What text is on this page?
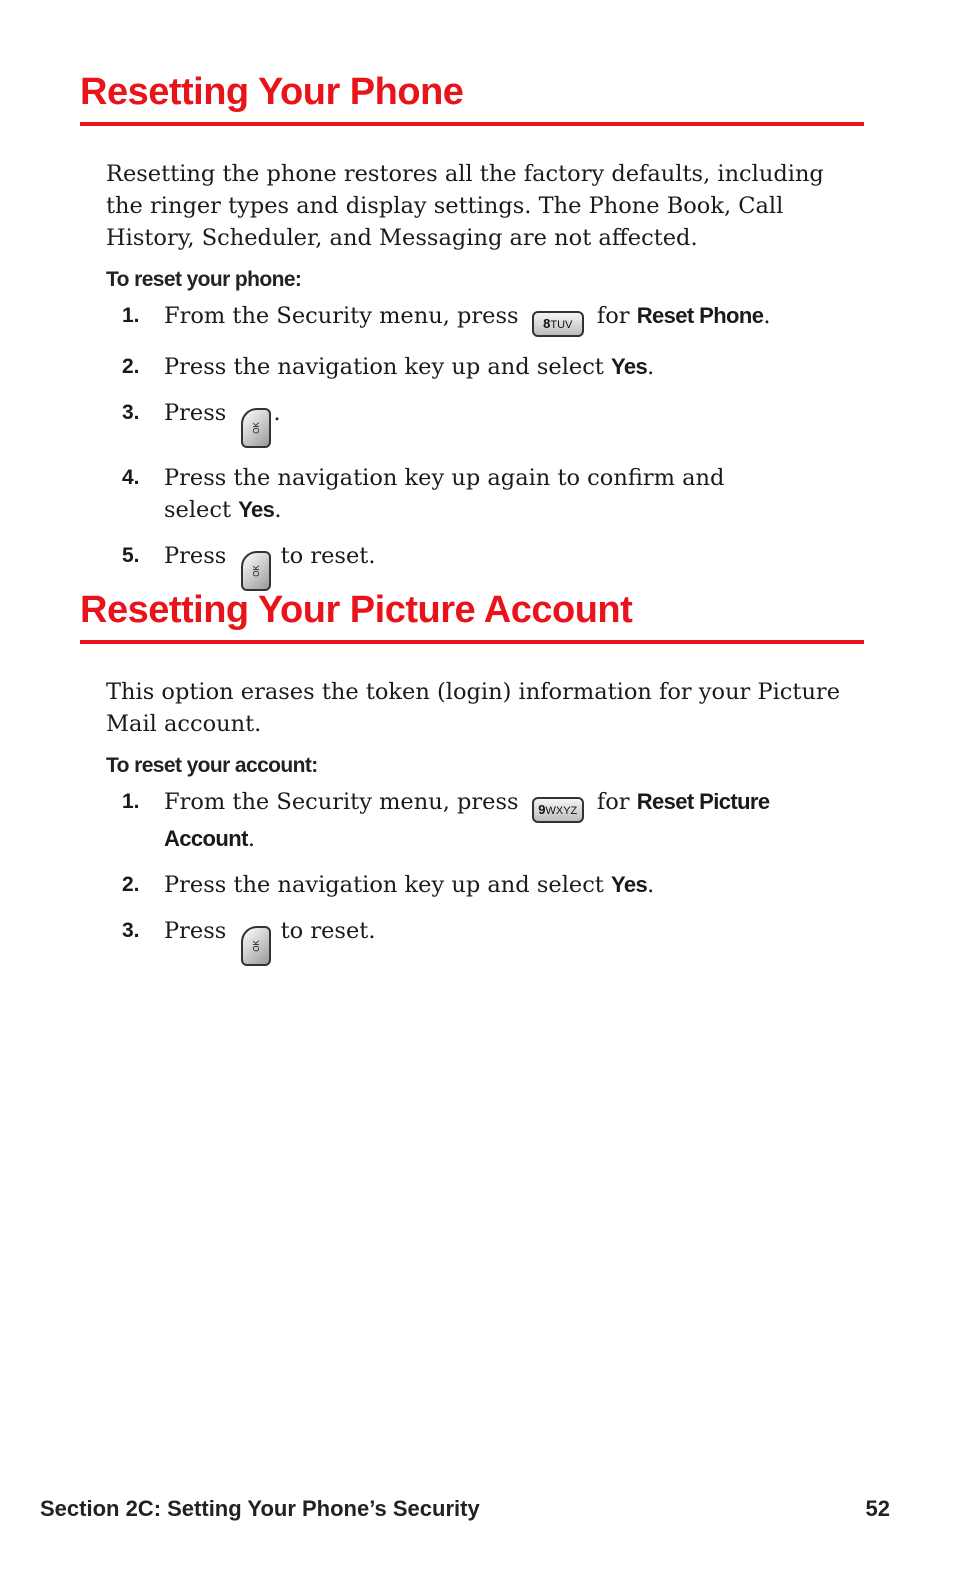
Resetting Your Phone

Resetting the phone restores all the factory defaults, including the ringer types and display settings. The Phone Book, Call History, Scheduler, and Messaging are not affected.

To reset your phone:
1. From the Security menu, press 8TUV for Reset Phone.
2. Press the navigation key up and select Yes.
3. Press OK.
4. Press the navigation key up again to confirm and
select Yes.
5. Press OK to reset.
Resetting Your Picture Account

This option erases the token (login) information for your Picture Mail account.

To reset your account:
1. From the Security menu, press 9WXYZ for Reset Picture Account.
2. Press the navigation key up and select Yes.
3. Press OK to reset.
Section 2C: Setting Your Phone’s Security	52
